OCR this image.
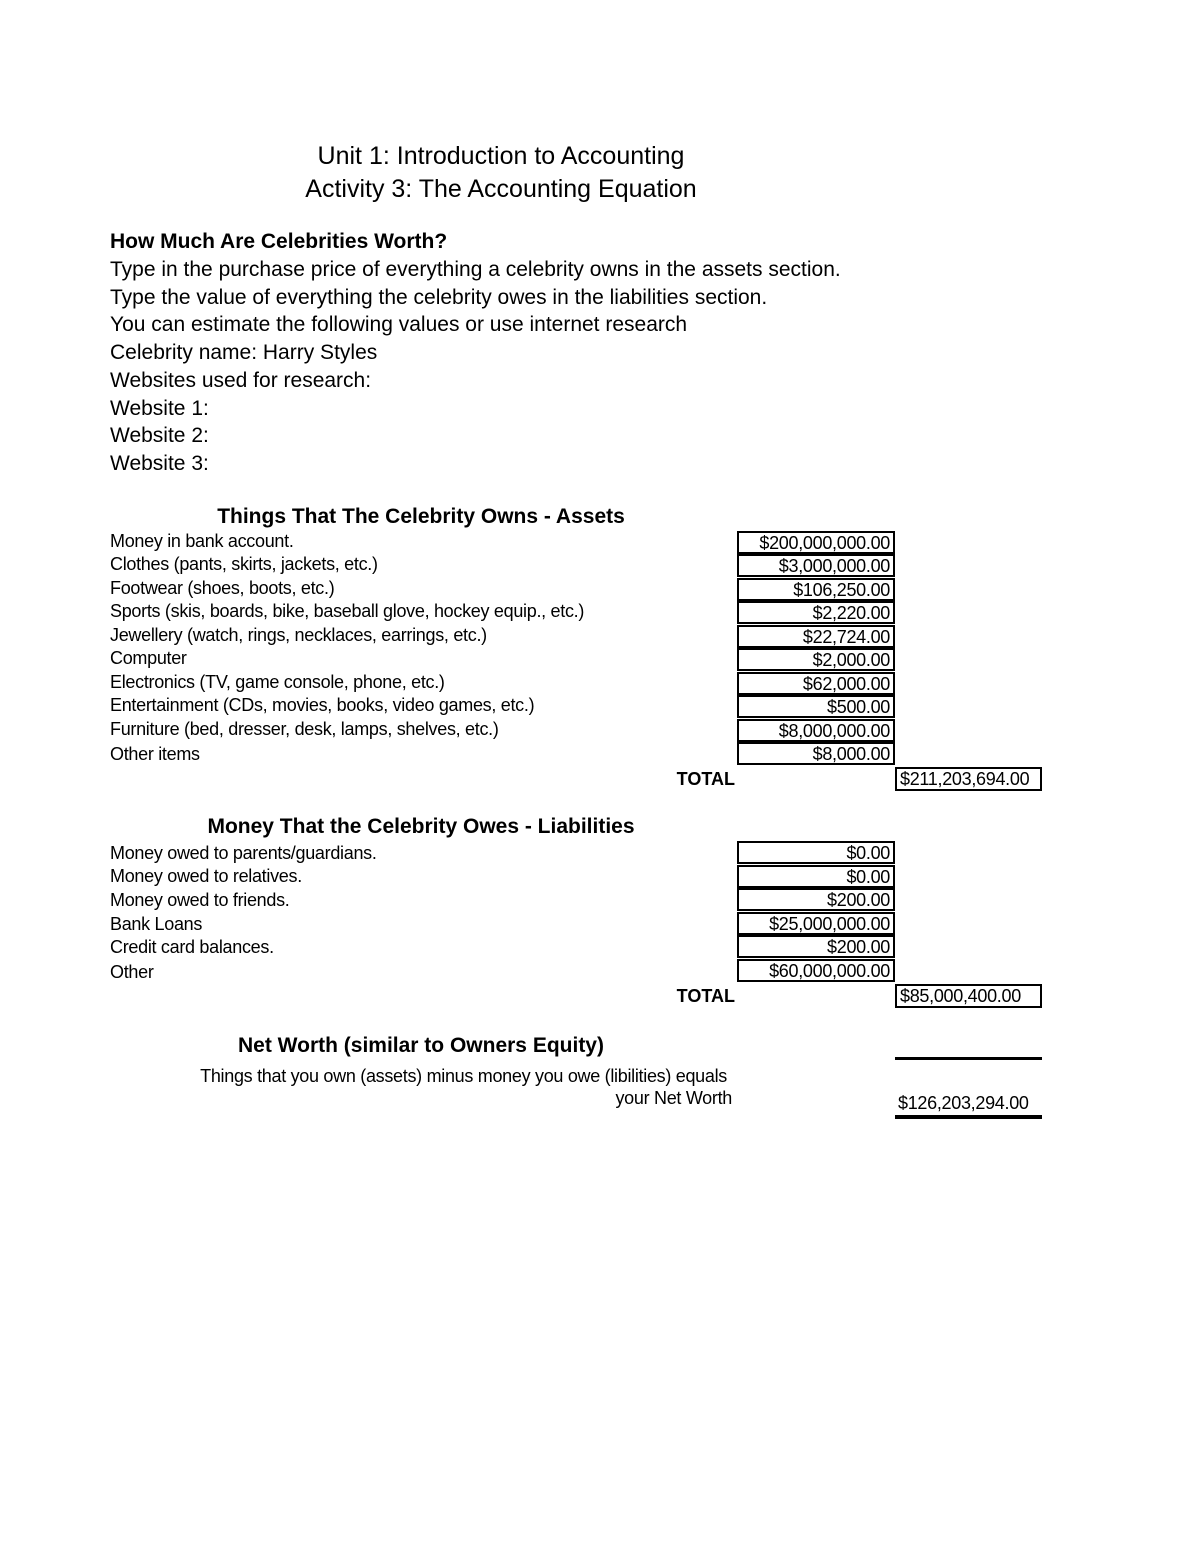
Unit 1: Introduction to Accounting
Activity 3: The Accounting Equation
How Much Are Celebrities Worth?
Type in the purchase price of everything a celebrity owns in the assets section.
Type the value of everything the celebrity owes in the liabilities section.
You can estimate the following values or use internet research
Celebrity name: Harry Styles
Websites used for research:
Website 1:
Website 2:
Website 3:
Things That The Celebrity Owns - Assets
Money in bank account.	$200,000,000.00
Clothes (pants, skirts, jackets, etc.)	$3,000,000.00
Footwear (shoes, boots, etc.)	$106,250.00
Sports (skis, boards, bike, baseball glove, hockey equip., etc.)	$2,220.00
Jewellery (watch, rings, necklaces, earrings, etc.)	$22,724.00
Computer	$2,000.00
Electronics (TV, game console, phone, etc.)	$62,000.00
Entertainment (CDs, movies, books, video games, etc.)	$500.00
Furniture (bed, dresser, desk, lamps, shelves, etc.)	$8,000,000.00
Other items	$8,000.00
TOTAL	$211,203,694.00
Money That the Celebrity Owes - Liabilities
Money owed to parents/guardians.	$0.00
Money owed to relatives.	$0.00
Money owed to friends.	$200.00
Bank Loans	$25,000,000.00
Credit card balances.	$200.00
Other	$60,000,000.00
TOTAL	$85,000,400.00
Net Worth (similar to Owners Equity)
Things that you own (assets) minus money you owe (libilities) equals
your Net Worth	$126,203,294.00
